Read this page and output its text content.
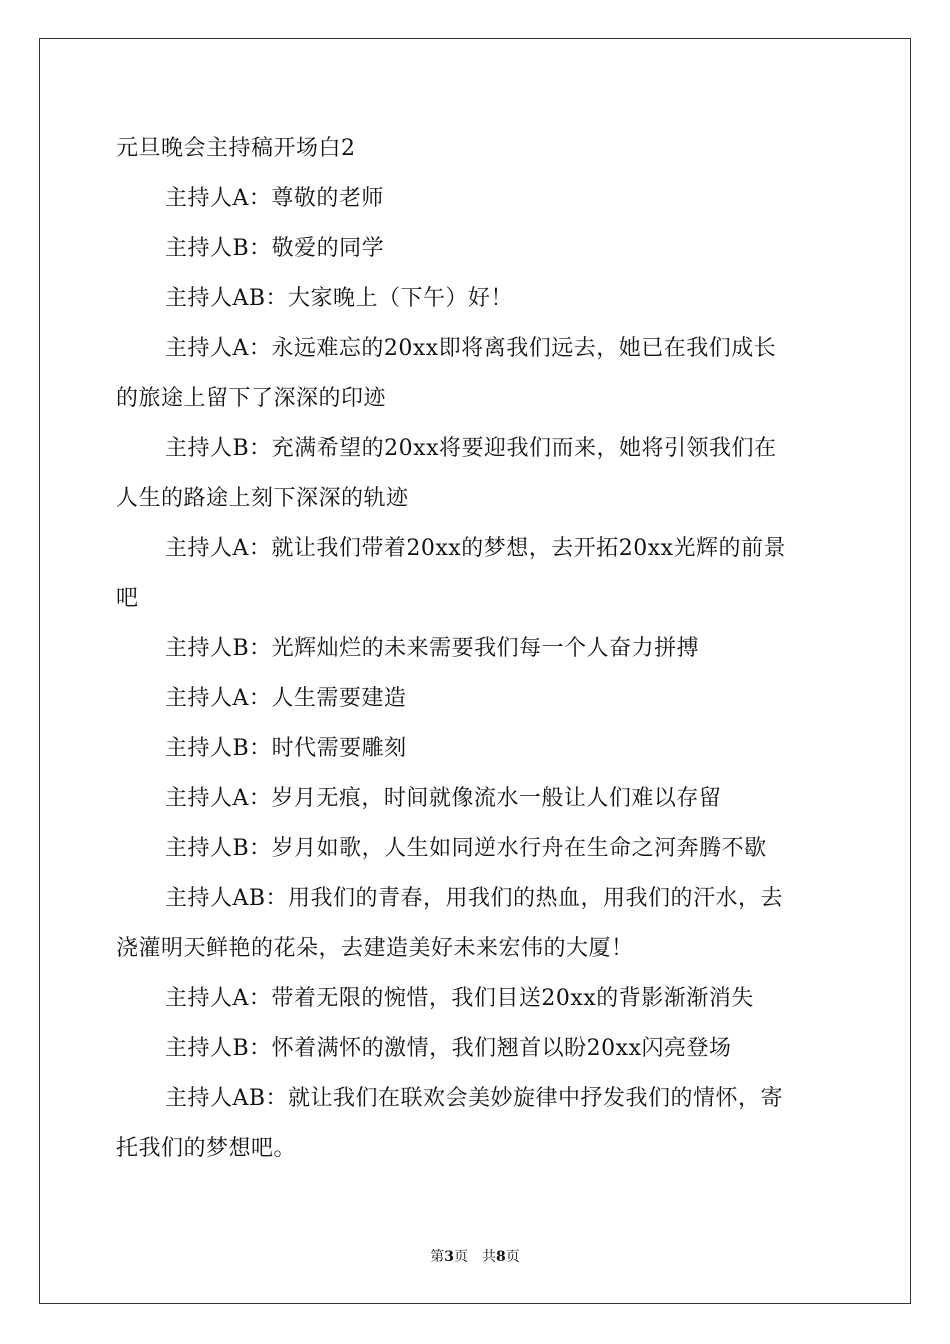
元旦晚会主持稿开场白2
主持人A：尊敬的老师
主持人B：敬爱的同学
主持人AB：大家晚上（下午）好！
主持人A：永远难忘的20xx即将离我们远去，她已在我们成长
的旅途上留下了深深的印迹
主持人B：充满希望的20xx将要迎我们而来，她将引领我们在
人生的路途上刻下深深的轨迹
主持人A：就让我们带着20xx的梦想，去开拓20xx光辉的前景
吧
主持人B：光辉灿烂的未来需要我们每一个人奋力拼搏
主持人A：人生需要建造
主持人B：时代需要雕刻
主持人A：岁月无痕，时间就像流水一般让人们难以存留
主持人B：岁月如歌，人生如同逆水行舟在生命之河奔腾不歇
主持人AB：用我们的青春，用我们的热血，用我们的汗水，去
浇灌明天鲜艳的花朵，去建造美好未来宏伟的大厦！
主持人A：带着无限的惋惜，我们目送20xx的背影渐渐消失
主持人B：怀着满怀的激情，我们翘首以盼20xx闪亮登场
主持人AB：就让我们在联欢会美妙旋律中抒发我们的情怀，寄
托我们的梦想吧。
第3页 共8页
